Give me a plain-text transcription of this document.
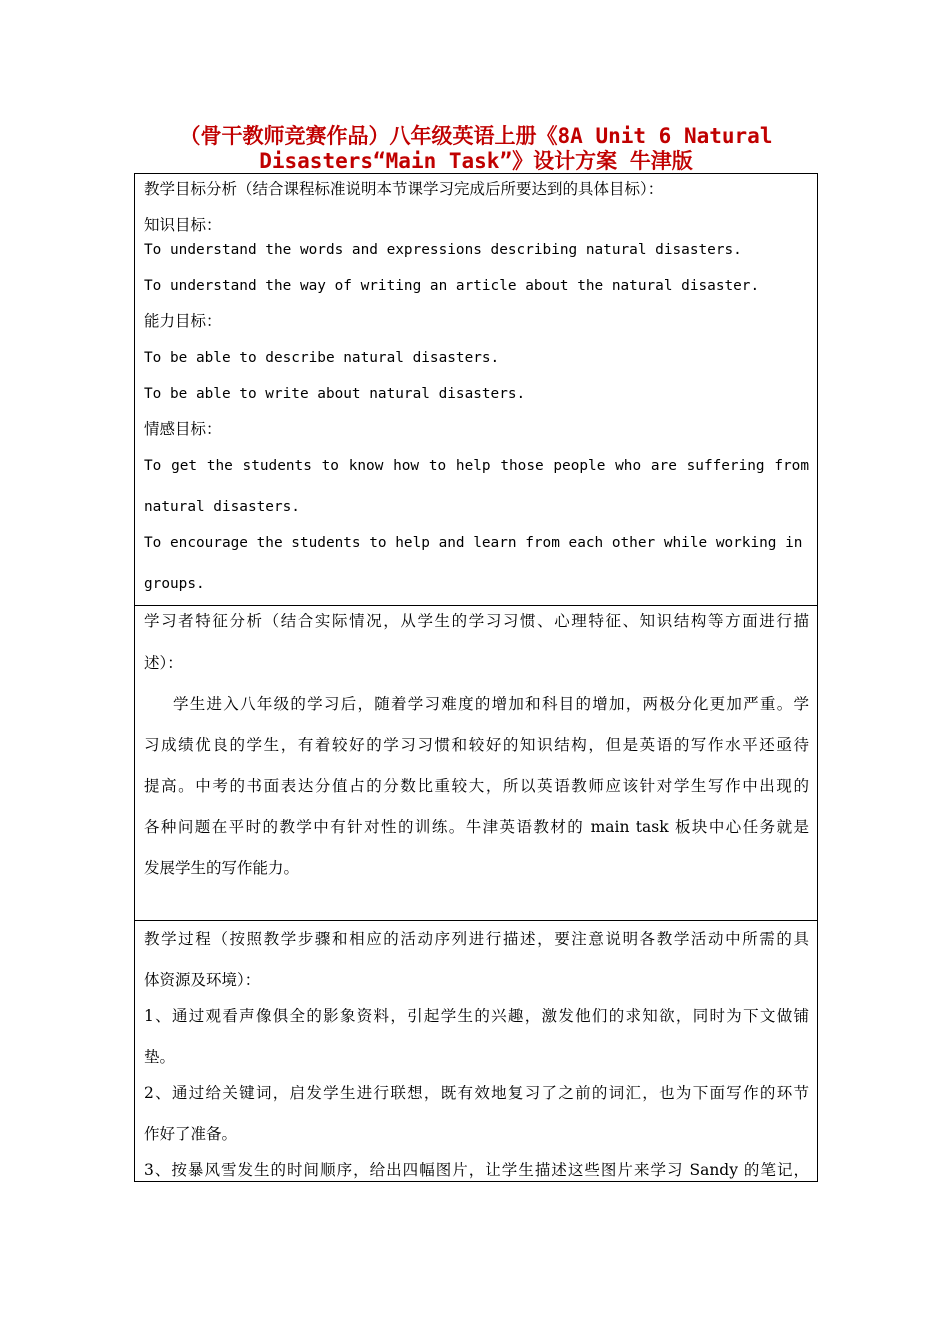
（骨干教师竞赛作品）八年级英语上册《8A Unit 6 Natural
Disasters“Main Task”》设计方案 牛津版
教学目标分析（结合课程标准说明本节课学习完成后所要达到的具体目标）：
知识目标：
To understand the words and expressions describing natural disasters.
To understand the way of writing an article about the natural disaster.
能力目标：
To be able to describe natural disasters.
To be able to write about natural disasters.
情感目标：
To get the students to know how to help those people who are suffering from
natural disasters.
To encourage the students to help and learn from each other while working in
groups.
学习者特征分析（结合实际情况，从学生的学习习惯、心理特征、知识结构等方面进行描
述）：
学生进入八年级的学习后，随着学习难度的增加和科目的增加，两极分化更加严重。学
习成绩优良的学生，有着较好的学习习惯和较好的知识结构，但是英语的写作水平还亟待
提高。中考的书面表达分值占的分数比重较大，所以英语教师应该针对学生写作中出现的
各种问题在平时的教学中有针对性的训练。牛津英语教材的 main task 板块中心任务就是
发展学生的写作能力。
教学过程（按照教学步骤和相应的活动序列进行描述，要注意说明各教学活动中所需的具
体资源及环境）：
1、通过观看声像俱全的影象资料，引起学生的兴趣，激发他们的求知欲，同时为下文做铺
垫。
2、通过给关键词，启发学生进行联想，既有效地复习了之前的词汇，也为下面写作的环节
作好了准备。
3、按暴风雪发生的时间顺序，给出四幅图片，让学生描述这些图片来学习 Sandy 的笔记，
